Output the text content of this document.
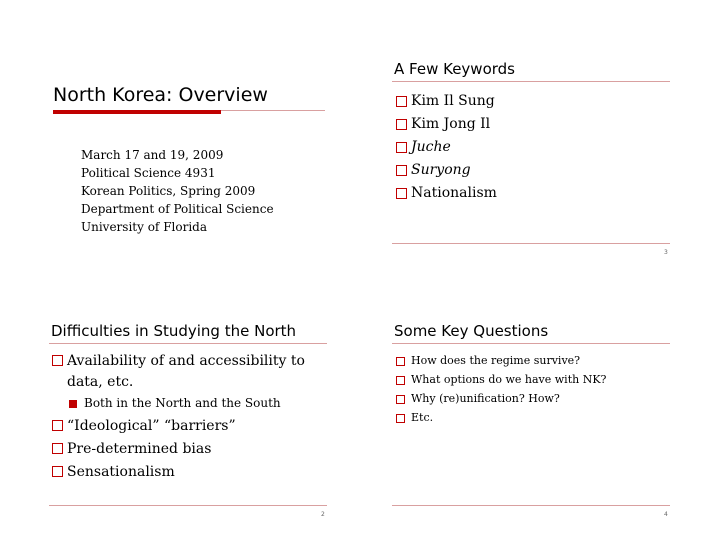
North Korea: Overview
March 17 and 19, 2009
Political Science 4931
Korean Politics, Spring 2009
Department of Political Science
University of Florida
A Few Keywords
Kim Il Sung
Kim Jong Il
Juche
Suryong
Nationalism
3
Difficulties in Studying the North
Availability of and accessibility to data, etc.
Both in the North and the South
“Ideological” “barriers”
Pre-determined bias
Sensationalism
2
Some Key Questions
How does the regime survive?
What options do we have with NK?
Why (re)unification? How?
Etc.
4
